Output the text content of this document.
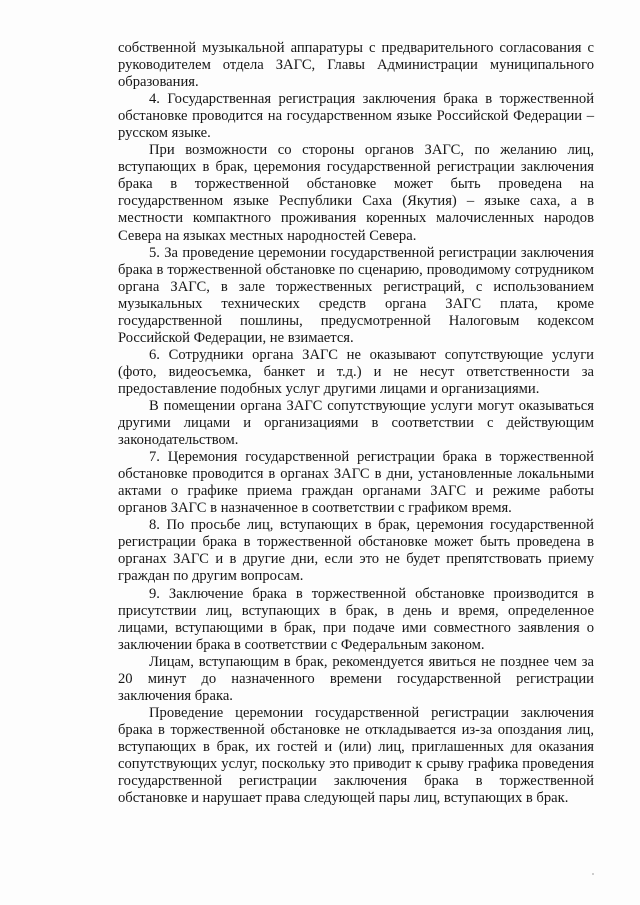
собственной музыкальной аппаратуры с предварительного согласования с руководителем отдела ЗАГС, Главы Администрации муниципального образования.

4. Государственная регистрация заключения брака в торжественной обстановке проводится на государственном языке Российской Федерации – русском языке.

При возможности со стороны органов ЗАГС, по желанию лиц, вступающих в брак, церемония государственной регистрации заключения брака в торжественной обстановке может быть проведена на государственном языке Республики Саха (Якутия) – языке саха, а в местности компактного проживания коренных малочисленных народов Севера на языках местных народностей Севера.

5. За проведение церемонии государственной регистрации заключения брака в торжественной обстановке по сценарию, проводимому сотрудником органа ЗАГС, в зале торжественных регистраций, с использованием музыкальных технических средств органа ЗАГС плата, кроме государственной пошлины, предусмотренной Налоговым кодексом Российской Федерации, не взимается.

6. Сотрудники органа ЗАГС не оказывают сопутствующие услуги (фото, видеосъемка, банкет и т.д.) и не несут ответственности за предоставление подобных услуг другими лицами и организациями.

В помещении органа ЗАГС сопутствующие услуги могут оказываться другими лицами и организациями в соответствии с действующим законодательством.

7. Церемония государственной регистрации брака в торжественной обстановке проводится в органах ЗАГС в дни, установленные локальными актами о графике приема граждан органами ЗАГС и режиме работы органов ЗАГС в назначенное в соответствии с графиком время.

8. По просьбе лиц, вступающих в брак, церемония государственной регистрации брака в торжественной обстановке может быть проведена в органах ЗАГС и в другие дни, если это не будет препятствовать приему граждан по другим вопросам.

9. Заключение брака в торжественной обстановке производится в присутствии лиц, вступающих в брак, в день и время, определенное лицами, вступающими в брак, при подаче ими совместного заявления о заключении брака в соответствии с Федеральным законом.

Лицам, вступающим в брак, рекомендуется явиться не позднее чем за 20 минут до назначенного времени государственной регистрации заключения брака.

Проведение церемонии государственной регистрации заключения брака в торжественной обстановке не откладывается из-за опоздания лиц, вступающих в брак, их гостей и (или) лиц, приглашенных для оказания сопутствующих услуг, поскольку это приводит к срыву графика проведения государственной регистрации заключения брака в торжественной обстановке и нарушает права следующей пары лиц, вступающих в брак.
